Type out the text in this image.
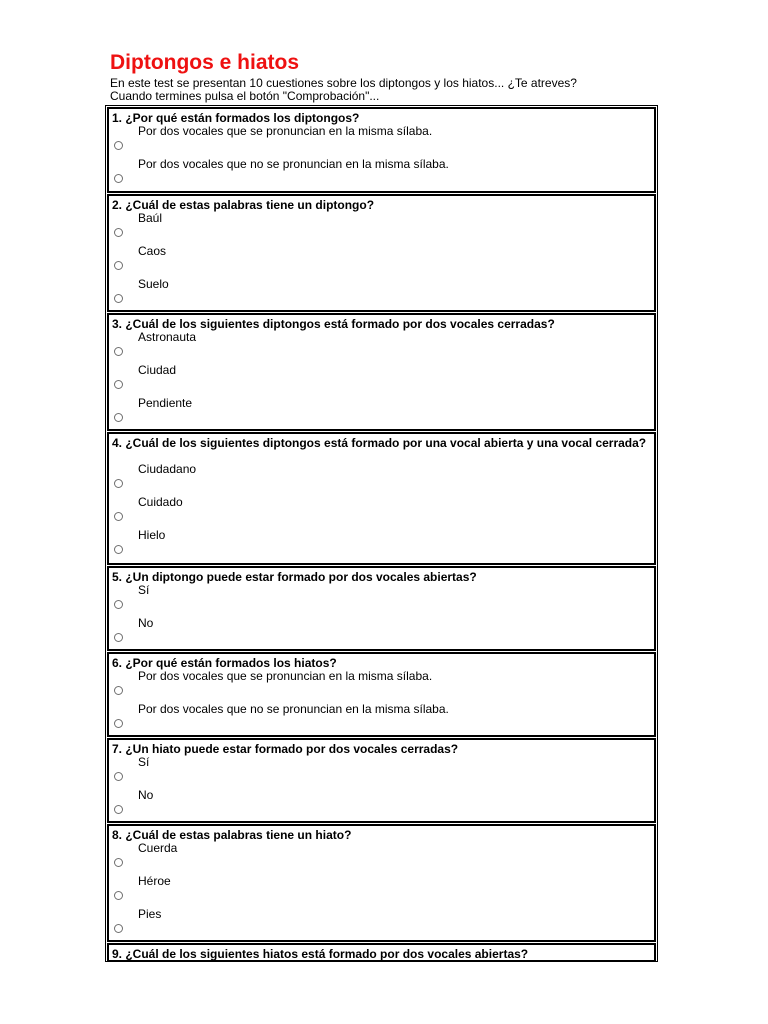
Diptongos e hiatos
En este test se presentan 10 cuestiones sobre los diptongos y los hiatos... ¿Te atreves?
Cuando termines pulsa el botón "Comprobación"...
1. ¿Por qué están formados los diptongos?
Por dos vocales que se pronuncian en la misma sílaba.
Por dos vocales que no se pronuncian en la misma sílaba.
2. ¿Cuál de estas palabras tiene un diptongo?
Baúl
Caos
Suelo
3. ¿Cuál de los siguientes diptongos está formado por dos vocales cerradas?
Astronauta
Ciudad
Pendiente
4. ¿Cuál de los siguientes diptongos está formado por una vocal abierta y una vocal cerrada?
Ciudadano
Cuidado
Hielo
5. ¿Un diptongo puede estar formado por dos vocales abiertas?
Sí
No
6. ¿Por qué están formados los hiatos?
Por dos vocales que se pronuncian en la misma sílaba.
Por dos vocales que no se pronuncian en la misma sílaba.
7. ¿Un hiato puede estar formado por dos vocales cerradas?
Sí
No
8. ¿Cuál de estas palabras tiene un hiato?
Cuerda
Héroe
Pies
9. ¿Cuál de los siguientes hiatos está formado por dos vocales abiertas?
